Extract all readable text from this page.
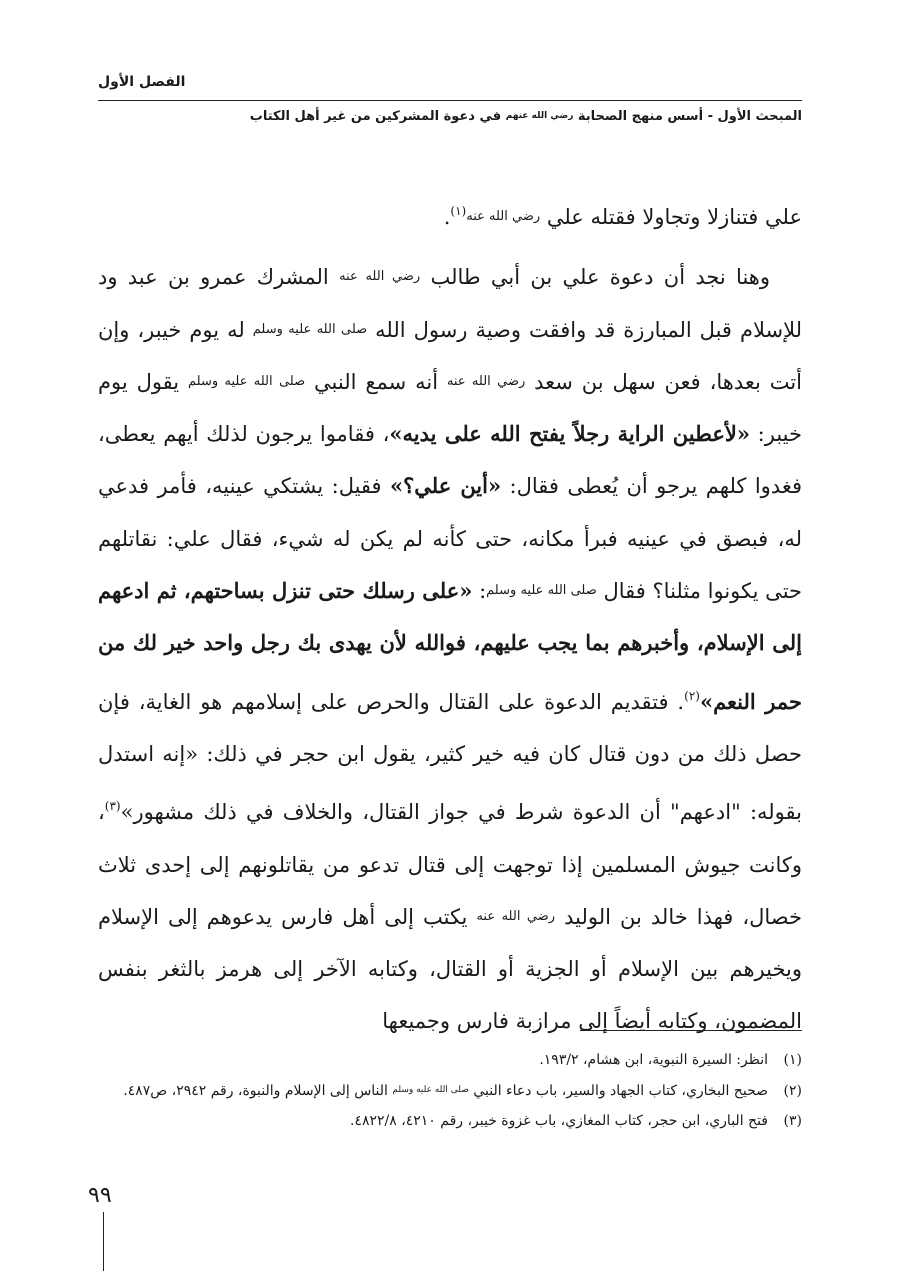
الفصل الأول
المبحث الأول - أسس منهج الصحابة رضي الله عنهم في دعوة المشركين من غير أهل الكتاب

علي فتنازلا وتجاولا فقتله علي رضي الله عنه$^{(١)}$.

وهنا نجد أن دعوة علي بن أبي طالب رضي الله عنه المشرك عمرو بن عبد ود للإسلام قبل المبارزة قد وافقت وصية رسول الله صلى الله عليه وسلم له يوم خيبر، وإن أتت بعدها، فعن سهل بن سعد رضي الله عنه أنه سمع النبي صلى الله عليه وسلم يقول يوم خيبر: «لأعطين الراية رجلاً يفتح الله على يديه»، فقاموا يرجون لذلك أيهم يعطى، فغدوا كلهم يرجو أن يُعطى فقال: «أين علي؟» فقيل: يشتكي عينيه، فأمر فدعي له، فبصق في عينيه فبرأ مكانه، حتى كأنه لم يكن له شيء، فقال علي: نقاتلهم حتى يكونوا مثلنا؟ فقال صلى الله عليه وسلم: «على رسلك حتى تنزل بساحتهم، ثم ادعهم إلى الإسلام، وأخبرهم بما يجب عليهم، فوالله لأن يهدى بك رجل واحد خير لك من حمر النعم»$^{(٢)}$. فتقديم الدعوة على القتال والحرص على إسلامهم هو الغاية، فإن حصل ذلك من دون قتال كان فيه خير كثير، يقول ابن حجر في ذلك: «إنه استدل بقوله: "ادعهم" أن الدعوة شرط في جواز القتال، والخلاف في ذلك مشهور»$^{(٣)}$، وكانت جيوش المسلمين إذا توجهت إلى قتال تدعو من يقاتلونهم إلى إحدى ثلاث خصال، فهذا خالد بن الوليد رضي الله عنه يكتب إلى أهل فارس يدعوهم إلى الإسلام ويخيرهم بين الإسلام أو الجزية أو القتال، وكتابه الآخر إلى هرمز بالثغر بنفس المضمون، وكتابه أيضاً إلى مرازبة فارس وجميعها

(١)انظر: السيرة النبوية، ابن هشام، ١٩٣/٢.
(٢)صحيح البخاري، كتاب الجهاد والسير، باب دعاء النبي $^{صلى الله عليه وسلم}$ الناس إلى الإسلام والنبوة، رقم ٢٩٤٢، ص٤٨٧.
(٣)فتح الباري، ابن حجر، كتاب المغازي، باب غزوة خيبر، رقم ٤٢١٠، ٤٨٢٢/٨.
٩٩
